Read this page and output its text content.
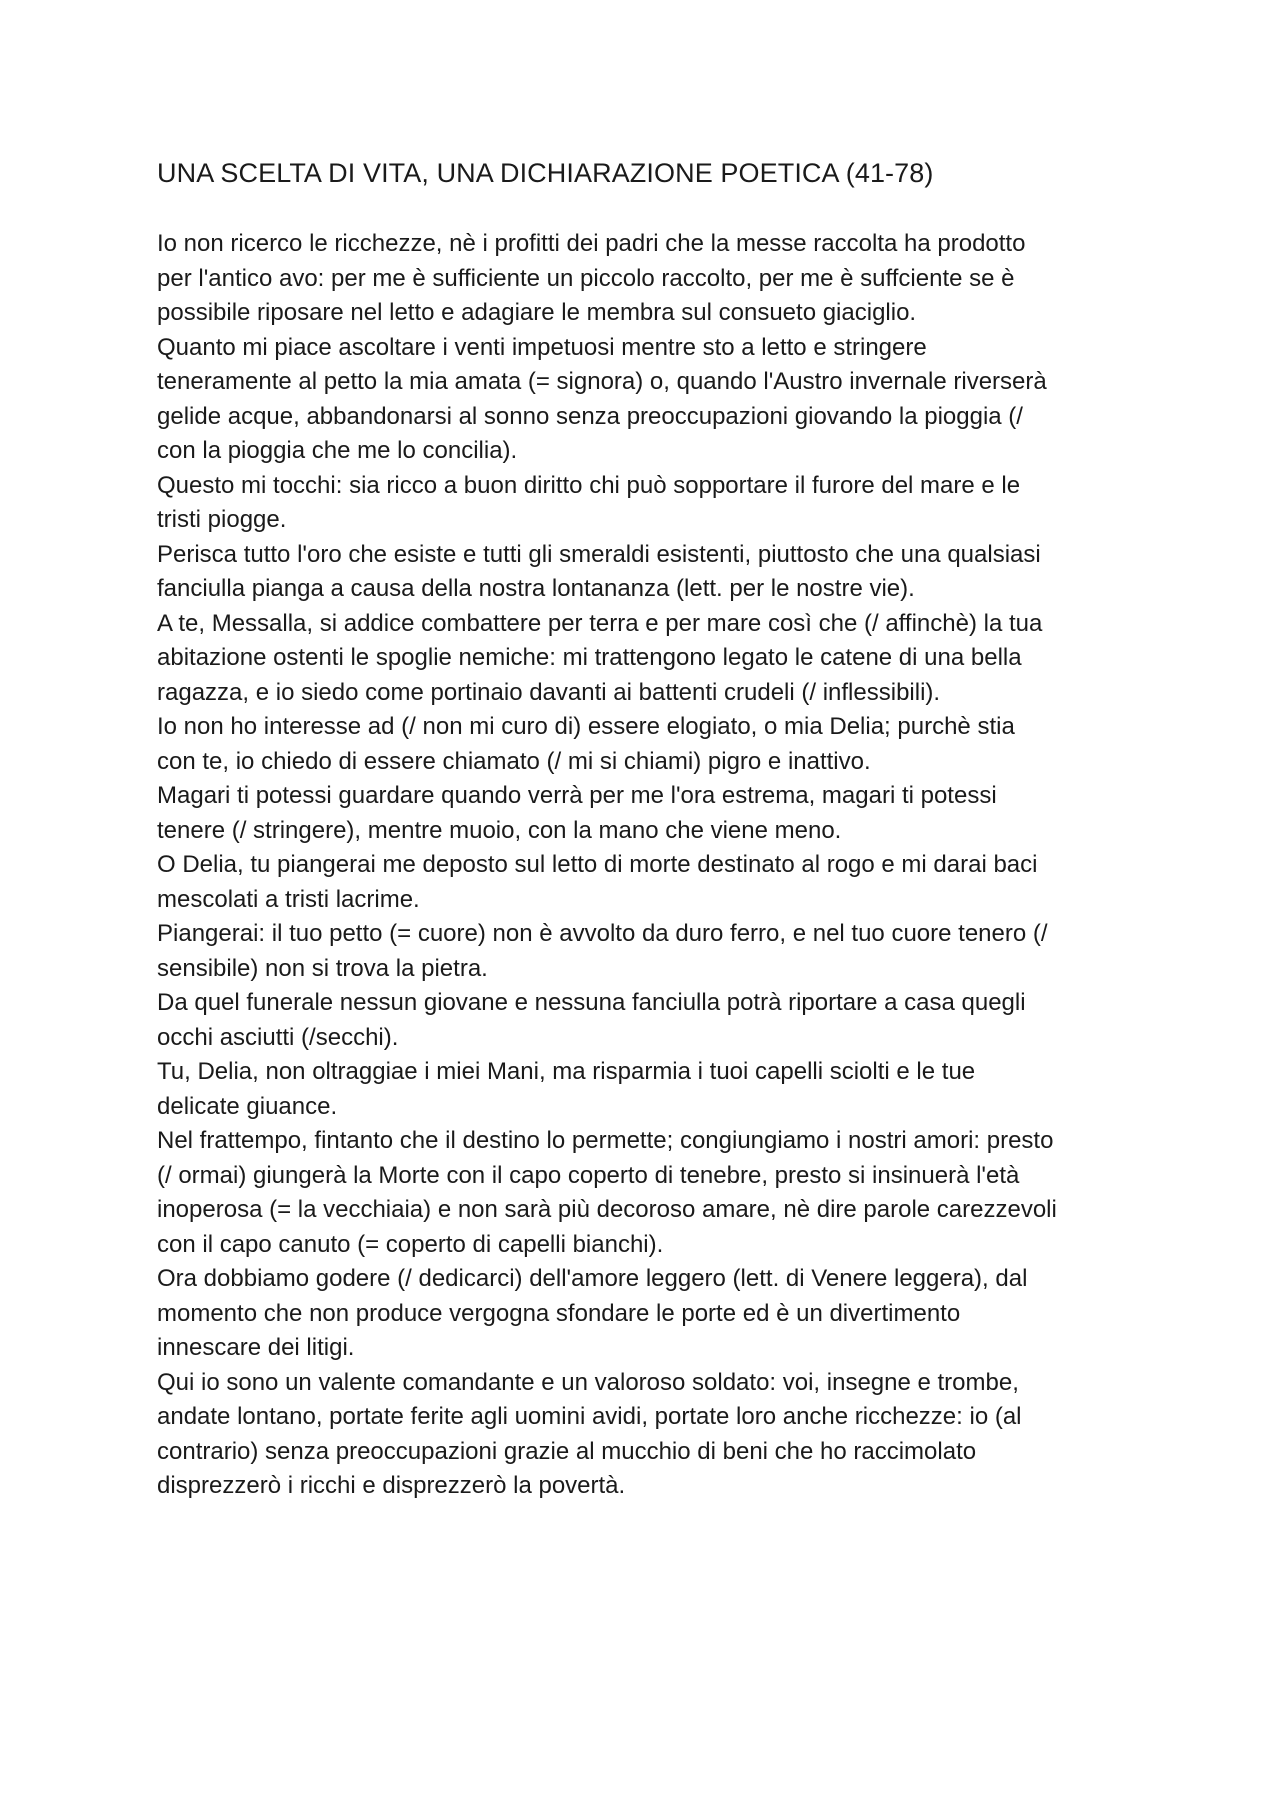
UNA SCELTA DI VITA, UNA DICHIARAZIONE POETICA (41-78)

Io non ricerco le ricchezze, nè i profitti dei padri che la messe raccolta ha prodotto
per l'antico avo: per me è sufficiente un piccolo raccolto, per me è suffciente se è
possibile riposare nel letto e adagiare le membra sul consueto giaciglio.

Quanto mi piace ascoltare i venti impetuosi mentre sto a letto e stringere
teneramente al petto la mia amata (= signora) o, quando l'Austro invernale riverserà
gelide acque, abbandonarsi al sonno senza preoccupazioni giovando la pioggia (/
con la pioggia che me lo concilia).

Questo mi tocchi: sia ricco a buon diritto chi può sopportare il furore del mare e le
tristi piogge.

Perisca tutto l'oro che esiste e tutti gli smeraldi esistenti, piuttosto che una qualsiasi
fanciulla pianga a causa della nostra lontananza (lett. per le nostre vie).

A te, Messalla, si addice combattere per terra e per mare così che (/ affinchè) la tua
abitazione ostenti le spoglie nemiche: mi trattengono legato le catene di una bella
ragazza, e io siedo come portinaio davanti ai battenti crudeli (/ inflessibili).

Io non ho interesse ad (/ non mi curo di) essere elogiato, o mia Delia; purchè stia
con te, io chiedo di essere chiamato (/ mi si chiami) pigro e inattivo.

Magari ti potessi guardare quando verrà per me l'ora estrema, magari ti potessi
tenere (/ stringere), mentre muoio, con la mano che viene meno.

O Delia, tu piangerai me deposto sul letto di morte destinato al rogo e mi darai baci
mescolati a tristi lacrime.

Piangerai: il tuo petto (= cuore) non è avvolto da duro ferro, e nel tuo cuore tenero (/
sensibile) non si trova la pietra.

Da quel funerale nessun giovane e nessuna fanciulla potrà riportare a casa quegli
occhi asciutti (/secchi).

Tu, Delia, non oltraggiae i miei Mani, ma risparmia i tuoi capelli sciolti e le tue
delicate giuance.

Nel frattempo, fintanto che il destino lo permette; congiungiamo i nostri amori: presto
(/ ormai) giungerà la Morte con il capo coperto di tenebre, presto si insinuerà l'età
inoperosa (= la vecchiaia) e non sarà più decoroso amare, nè dire parole carezzevoli
con il capo canuto (= coperto di capelli bianchi).

Ora dobbiamo godere (/ dedicarci) dell'amore leggero (lett. di Venere leggera), dal
momento che non produce vergogna sfondare le porte ed è un divertimento
innescare dei litigi.

Qui io sono un valente comandante e un valoroso soldato: voi, insegne e trombe,
andate lontano, portate ferite agli uomini avidi, portate loro anche ricchezze: io (al
contrario) senza preoccupazioni grazie al mucchio di beni che ho raccimolato
disprezzerò i ricchi e disprezzerò la povertà.
